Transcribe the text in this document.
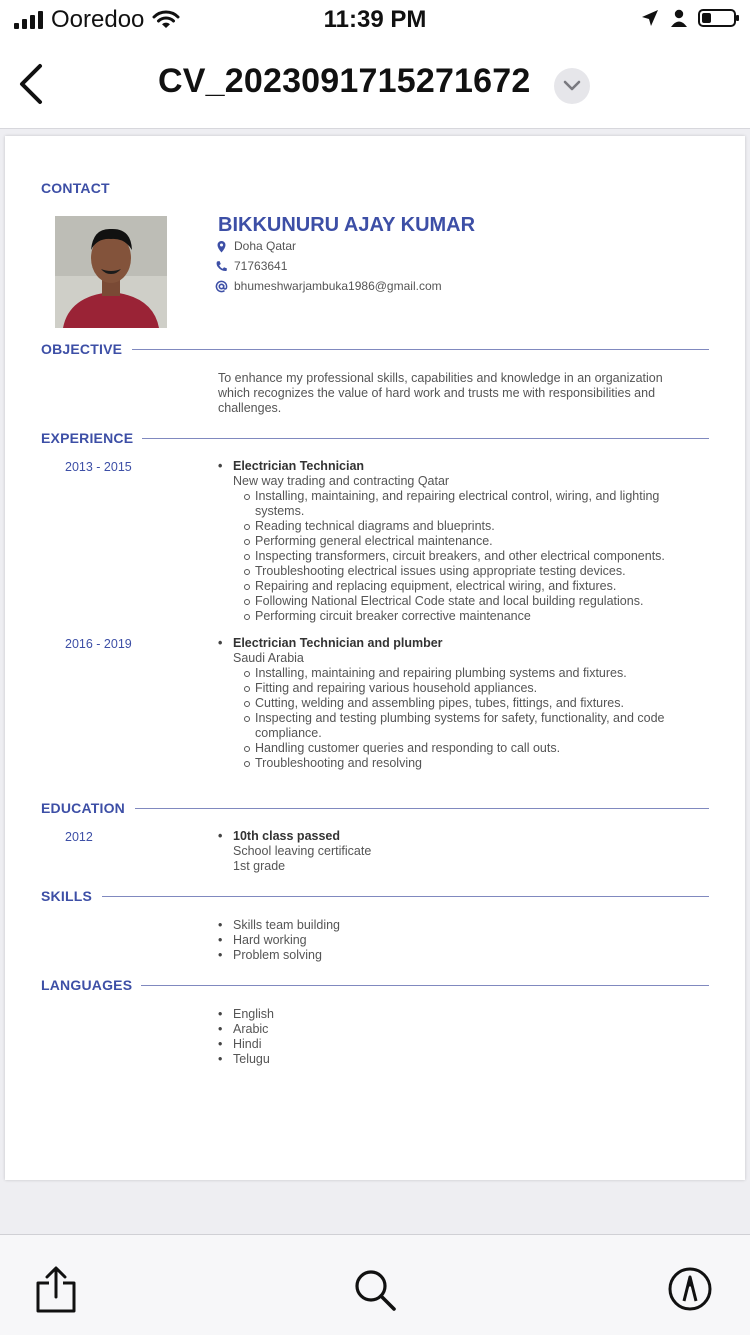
Ooredoo	11:39 PM
CV_2023091715271672
CONTACT
BIKKUNURU AJAY KUMAR
Doha Qatar
71763641
bhumeshwarjambuka1986@gmail.com
OBJECTIVE
To enhance my professional skills, capabilities and knowledge in an organization which recognizes the value of hard work and trusts me with responsibilities and challenges.
EXPERIENCE
2013 - 2015	• Electrician Technician
New way trading and contracting Qatar
Installing, maintaining, and repairing electrical control, wiring, and lighting systems.
Reading technical diagrams and blueprints.
Performing general electrical maintenance.
Inspecting transformers, circuit breakers, and other electrical components.
Troubleshooting electrical issues using appropriate testing devices.
Repairing and replacing equipment, electrical wiring, and fixtures.
Following National Electrical Code state and local building regulations.
Performing circuit breaker corrective maintenance
2016 - 2019	• Electrician Technician and plumber
Saudi Arabia
Installing, maintaining and repairing plumbing systems and fixtures.
Fitting and repairing various household appliances.
Cutting, welding and assembling pipes, tubes, fittings, and fixtures.
Inspecting and testing plumbing systems for safety, functionality, and code compliance.
Handling customer queries and responding to call outs.
Troubleshooting and resolving
EDUCATION
2012	• 10th class passed
School leaving certificate
1st grade
SKILLS
• Skills team building
• Hard working
• Problem solving
LANGUAGES
• English
• Arabic
• Hindi
• Telugu
